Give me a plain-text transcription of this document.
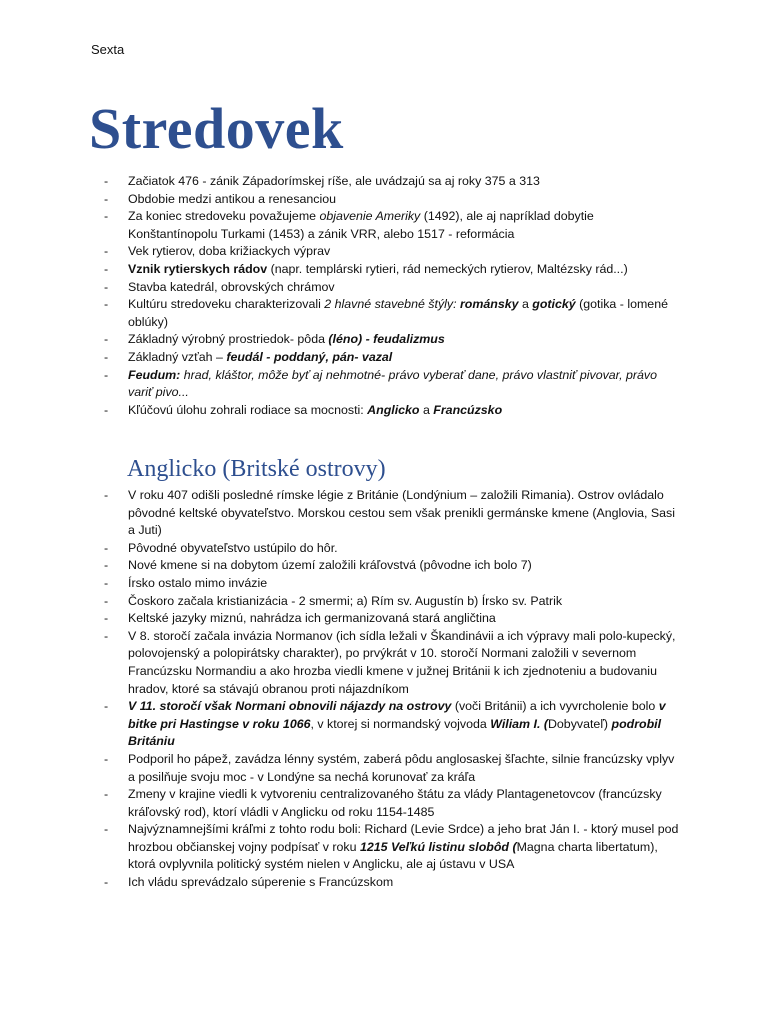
Sexta
Stredovek
- Začiatok 476 - zánik Západorímskej ríše, ale uvádzajú sa aj roky 375 a 313
- Obdobie medzi antikou a renesanciou
- Za koniec stredoveku považujeme objavenie Ameriky (1492), ale aj napríklad dobytie Konštantínopolu Turkami (1453) a zánik VRR, alebo 1517 - reformácia
- Vek rytierov, doba križiackych výprav
- Vznik rytierskych rádov (napr. templárski rytieri, rád nemeckých rytierov, Maltézsky rád...)
- Stavba katedrál, obrovských chrámov
- Kultúru stredoveku charakterizovali 2 hlavné stavebné štýly: románsky a gotický (gotika - lomené oblúky)
- Základný výrobný prostriedok- pôda (léno) - feudalizmus
- Základný vzťah – feudál - poddaný, pán- vazal
- Feudum: hrad, kláštor, môže byť aj nehmotné- právo vyberať dane, právo vlastniť pivovar, právo variť pivo...
- Kľúčovú úlohu zohrali rodiace sa mocnosti: Anglicko a Francúzsko
Anglicko (Britské ostrovy)
- V roku 407 odišli posledné rímske légie z Británie (Londýnium – založili Rimania). Ostrov ovládalo pôvodné keltské obyvateľstvo. Morskou cestou sem však prenikli germánske kmene (Anglovia, Sasi a Juti)
- Pôvodné obyvateľstvo ustúpilo do hôr.
- Nové kmene si na dobytom území založili kráľovstvá (pôvodne ich bolo 7)
- Írsko ostalo mimo invázie
- Čoskoro začala kristianizácia - 2 smermi; a) Rím sv. Augustín b) Írsko sv. Patrik
- Keltské jazyky miznú, nahrádza ich germanizovaná stará angličtina
- V 8. storočí začala invázia Normanov (ich sídla ležali v Škandinávii a ich výpravy mali polo-kupecký, polovojenský a polopirátsky charakter), po prvýkrát v 10. storočí Normani založili v severnom Francúzsku Normandiu a ako hrozba viedli kmene v južnej Británii k ich zjednoteniu a budovaniu hradov, ktoré sa stávajú obranou proti nájazdníkom
- V 11. storočí však Normani obnovili nájazdy na ostrovy (voči Británii) a ich vyvrcholenie bolo v bitke pri Hastingse v roku 1066, v ktorej si normandský vojvoda Wiliam I. (Dobyvateľ) podrobil Britániu
- Podporil ho pápež, zavádza lénny systém, zaberá pôdu anglosaskej šľachte, silnie francúzsky vplyv a posilňuje svoju moc - v Londýne sa nechá korunovať za kráľa
- Zmeny v krajine viedli k vytvoreniu centralizovaného štátu za vlády Plantagenetovcov (francúzsky kráľovský rod), ktorí vládli v Anglicku od roku 1154-1485
- Najvýznamnejšími kráľmi z tohto rodu boli: Richard (Levie Srdce) a jeho brat Ján I. - ktorý musel pod hrozbou občianskej vojny podpísať v roku 1215 Veľkú listinu slobôd (Magna charta libertatum), ktorá ovplyvnila politický systém nielen v Anglicku, ale aj ústavu v USA
- Ich vládu sprevádzalo súperenie s Francúzskom
